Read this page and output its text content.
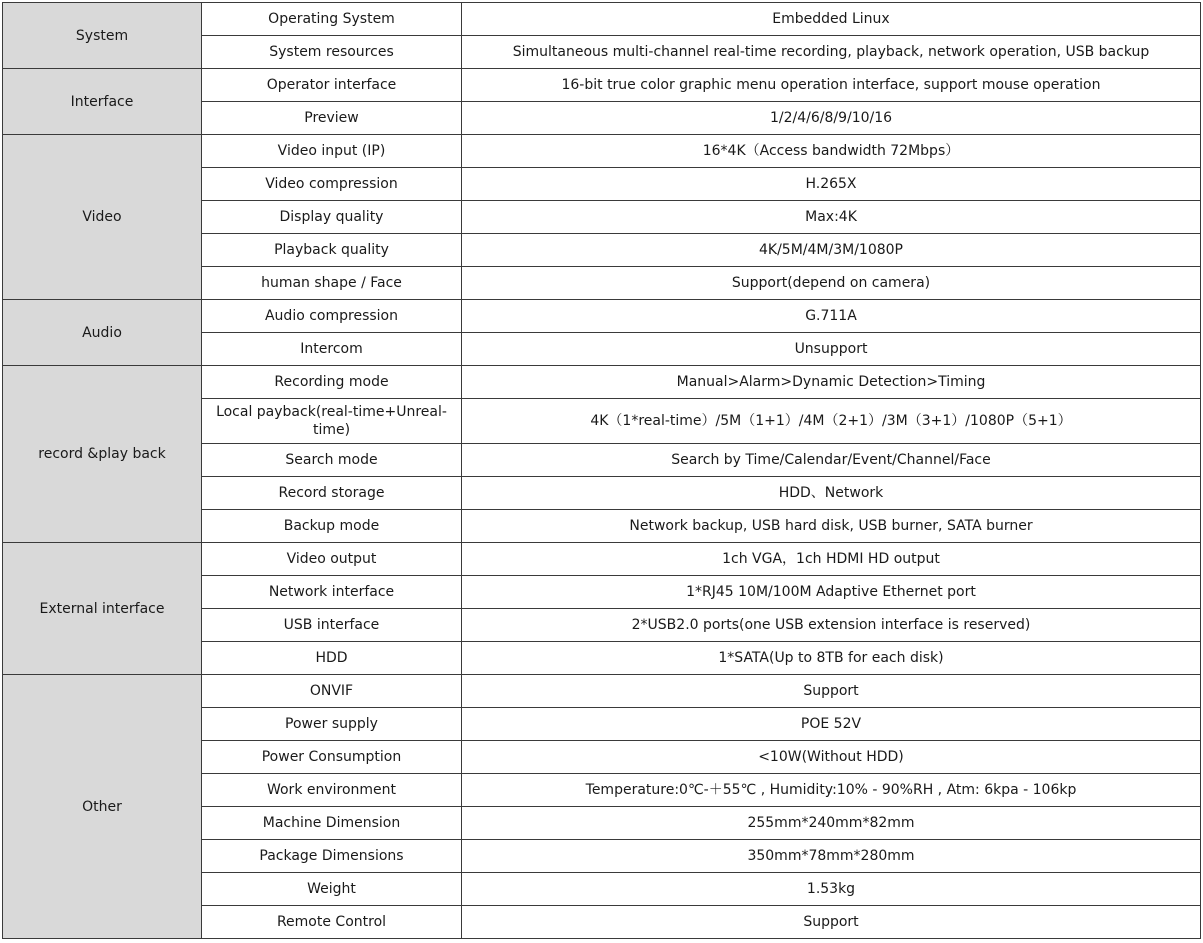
System	Operating System	Embedded Linux
	System resources	Simultaneous multi-channel real-time recording, playback, network operation, USB backup
Interface	Operator interface	16-bit true color graphic menu operation interface, support mouse operation
	Preview	1/2/4/6/8/9/10/16
Video	Video input (IP)	16*4K（Access bandwidth 72Mbps）
	Video compression	H.265X
	Display quality	Max:4K
	Playback quality	4K/5M/4M/3M/1080P
	human shape / Face	Support(depend on camera)
Audio	Audio compression	G.711A
	Intercom	Unsupport
record &play back	Recording mode	Manual>Alarm>Dynamic Detection>Timing
	Local payback(real-time+Unreal-time)	4K（1*real-time）/5M（1+1）/4M（2+1）/3M（3+1）/1080P（5+1）
	Search mode	Search by Time/Calendar/Event/Channel/Face
	Record storage	HDD、Network
	Backup mode	Network backup, USB hard disk, USB burner, SATA burner
External interface	Video output	1ch VGA，1ch HDMI HD output
	Network interface	1*RJ45 10M/100M Adaptive Ethernet port
	USB interface	2*USB2.0 ports(one USB extension interface is reserved)
	HDD	1*SATA(Up to 8TB for each disk)
Other	ONVIF	Support
	Power supply	POE 52V
	Power Consumption	<10W(Without HDD)
	Work environment	Temperature:0℃-＋55℃ , Humidity:10% - 90%RH , Atm: 6kpa - 106kp
	Machine Dimension	255mm*240mm*82mm
	Package Dimensions	350mm*78mm*280mm
	Weight	1.53kg
	Remote Control	Support
